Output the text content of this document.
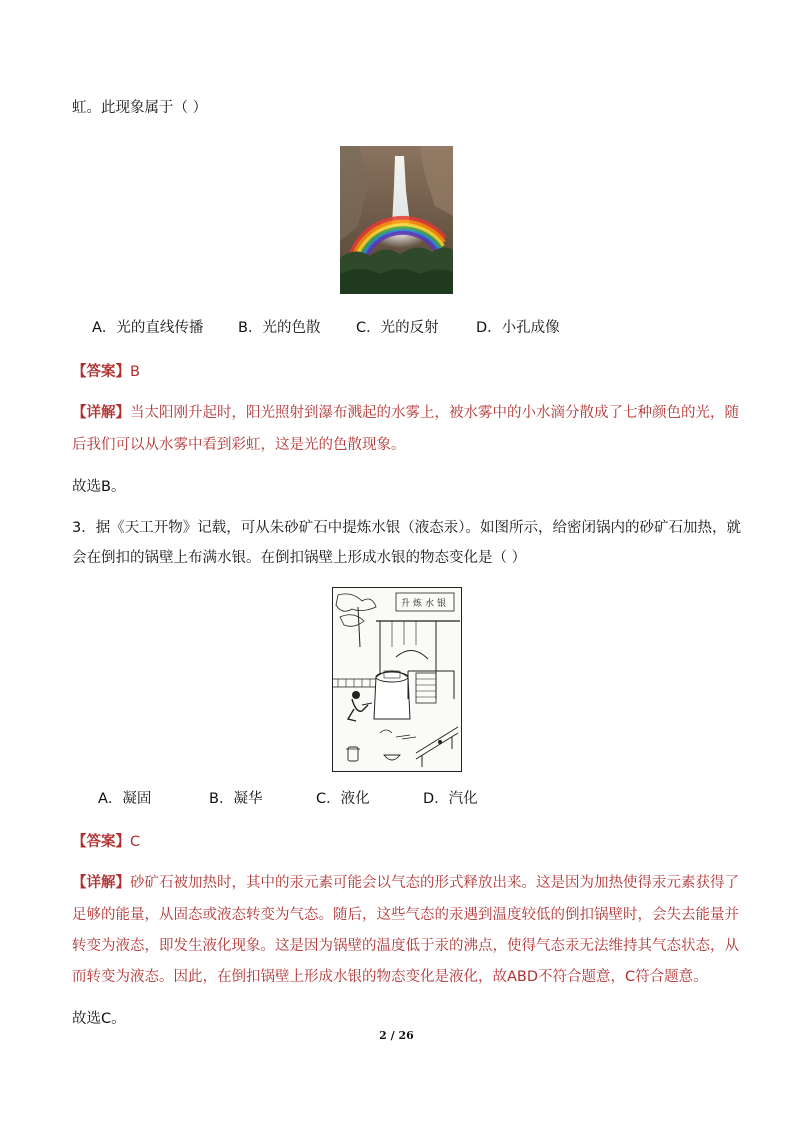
虹。此现象属于（ ）
A．光的直线传播 B．光的色散 C．光的反射	D．小孔成像
【答案】B
【详解】当太阳刚升起时，阳光照射到瀑布溅起的水雾上，被水雾中的小水滴分散成了七种颜色的光，随
后我们可以从水雾中看到彩虹，这是光的色散现象。
故选B。
3．据《天工开物》记载，可从朱砂矿石中提炼水银（液态汞）。如图所示，给密闭锅内的砂矿石加热，就
会在倒扣的锅壁上布满水银。在倒扣锅壁上形成水银的物态变化是（ ）
升炼水银
A．凝固	B．凝华	C．液化	D．汽化
【答案】C
【详解】砂矿石被加热时，其中的汞元素可能会以气态的形式释放出来。这是因为加热使得汞元素获得了
足够的能量，从固态或液态转变为气态。随后，这些气态的汞遇到温度较低的倒扣锅壁时，会失去能量并
转变为液态，即发生液化现象。这是因为锅壁的温度低于汞的沸点，使得气态汞无法维持其气态状态，从
而转变为液态。因此，在倒扣锅壁上形成水银的物态变化是液化，故ABD不符合题意，C符合题意。
故选C。
2 / 26
